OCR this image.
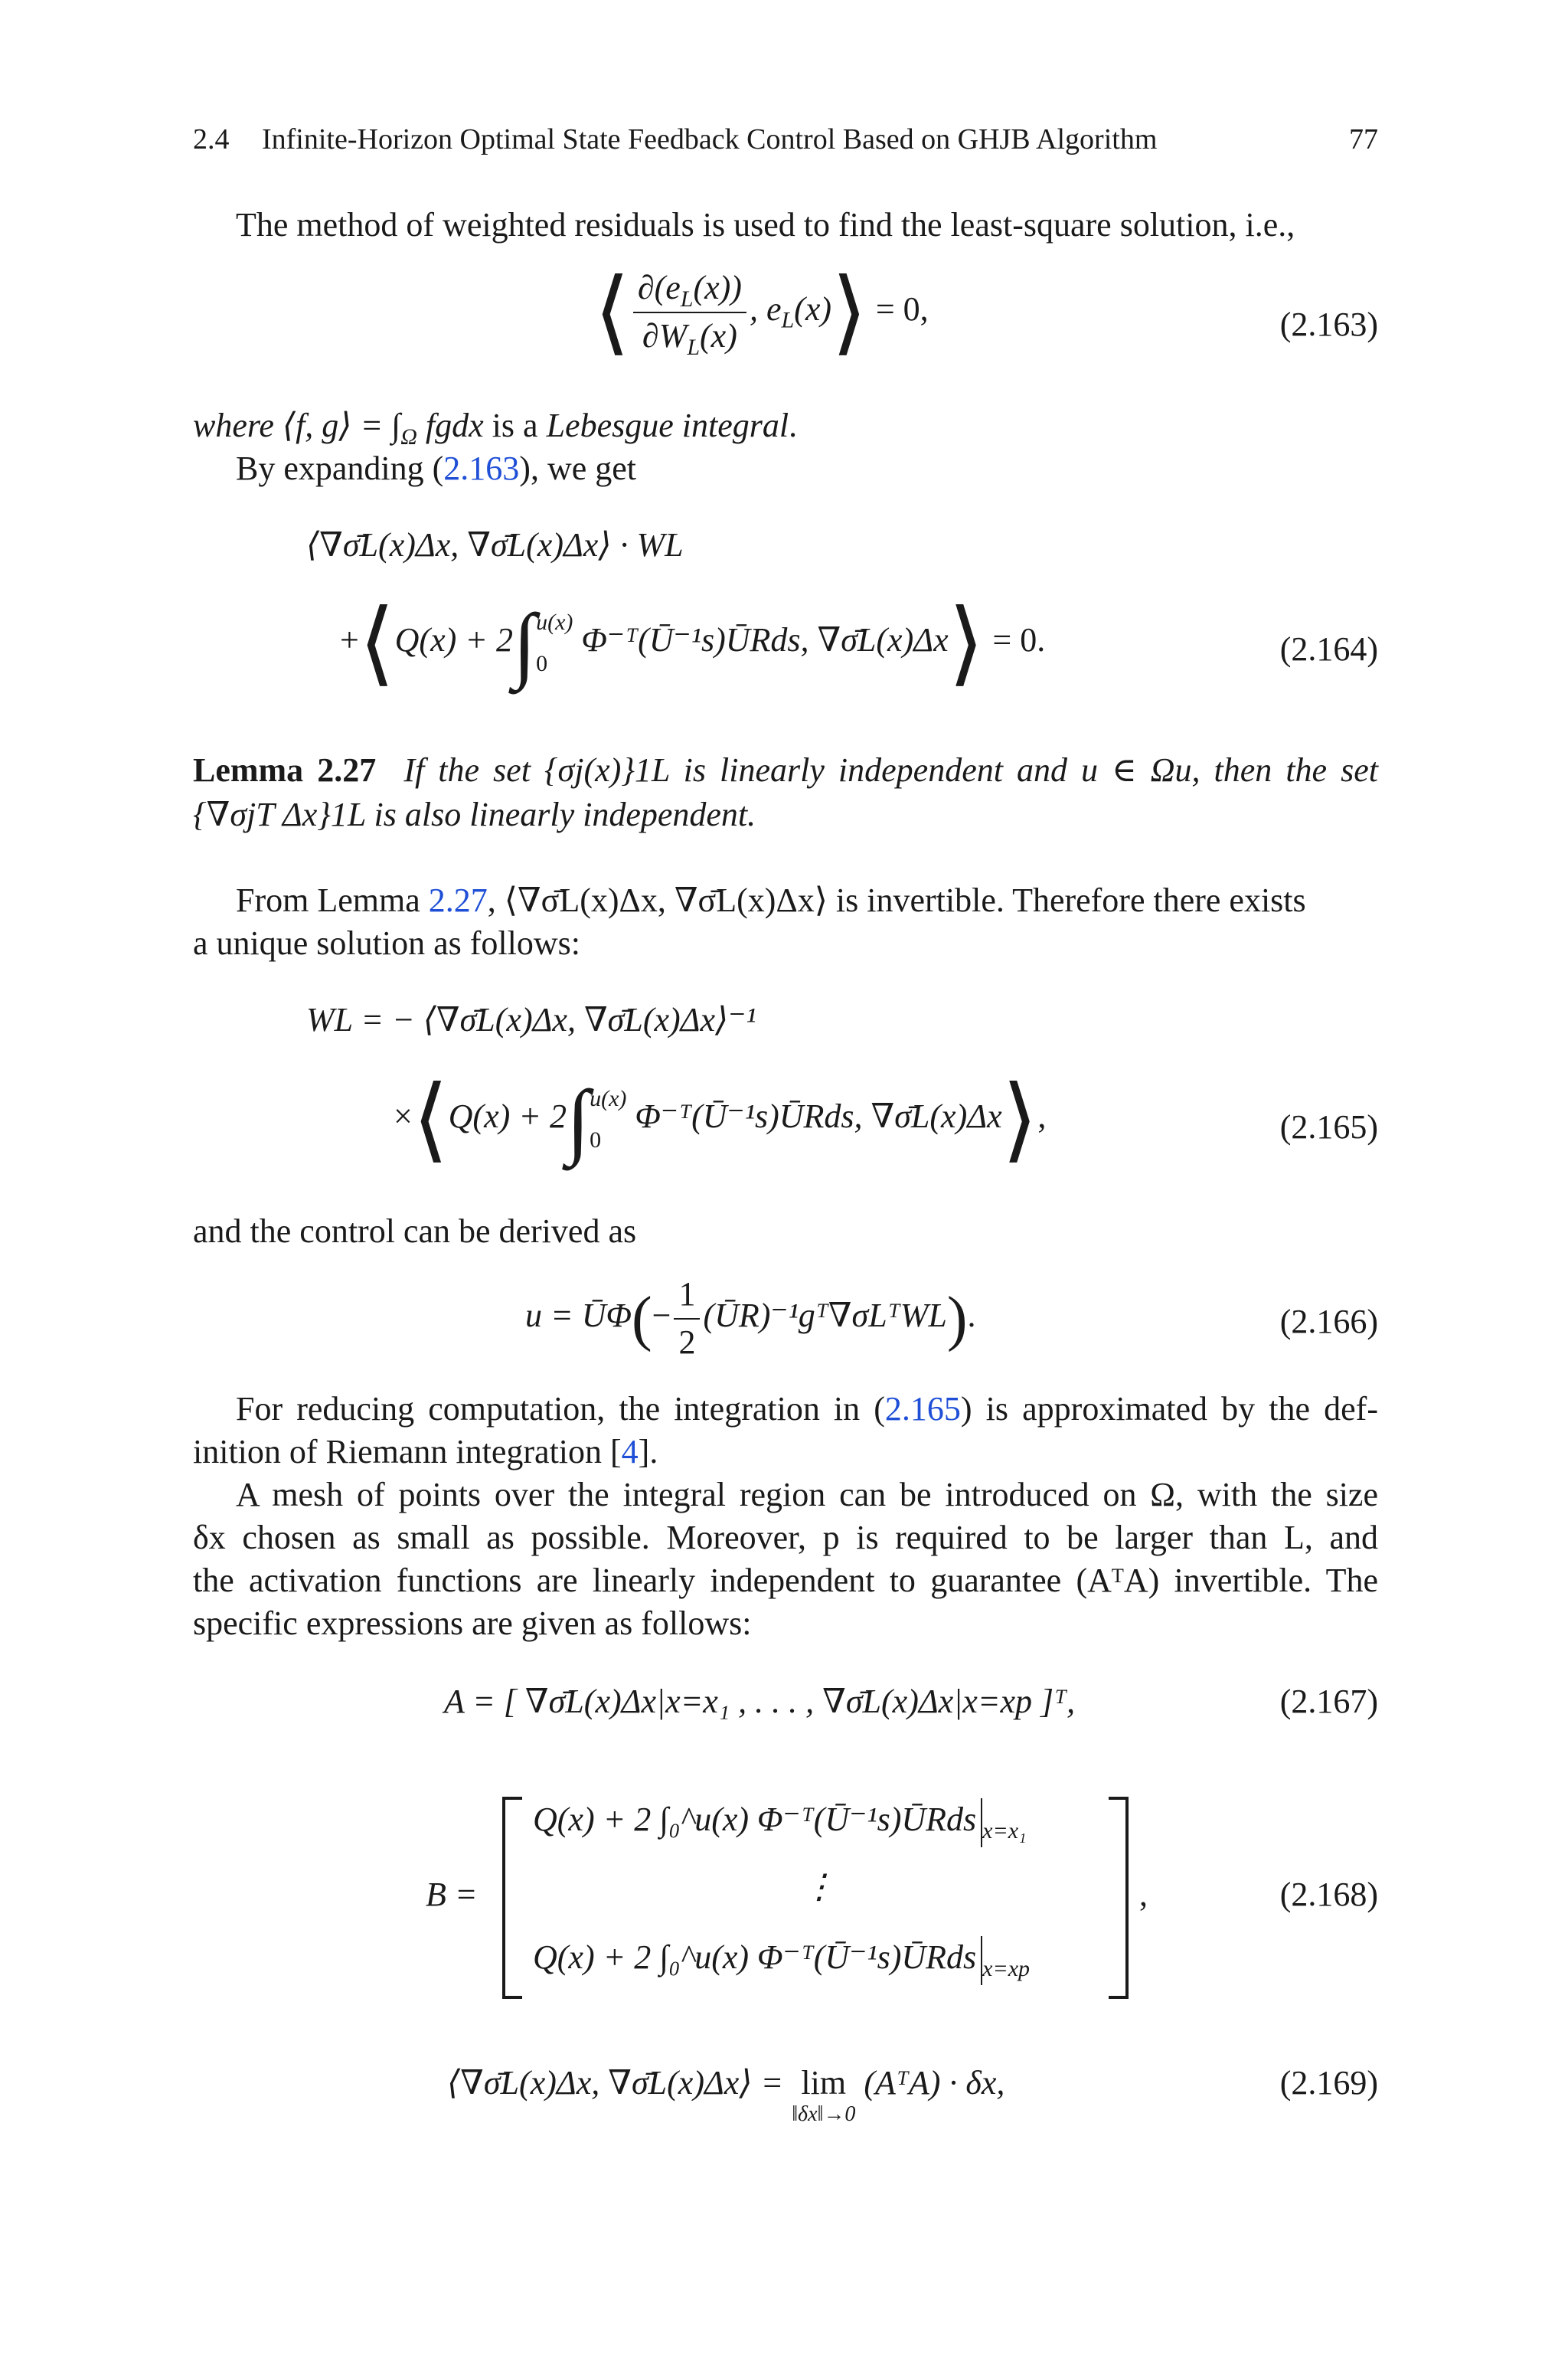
2.4 Infinite-Horizon Optimal State Feedback Control Based on GHJB Algorithm	77
The method of weighted residuals is used to find the least-square solution, i.e.,
⟨ $\frac{\partial(e_L(x))}{\partial W_L(x)}$ , $e_L(x)⟩ = 0$,	(2.163)
where ⟨f, g⟩ = $\int_\Omega$ fgdx is a Lebesgue integral.
By expanding (2.163), we get
⟨∇σ̄L(x)Δx, ∇σ̄L(x)Δx⟩ · WL
+⟨Q(x) + 2∫u(x)
0 Φ⁻ᵀ(Ū⁻¹s)ŪRds, ∇σ̄L(x)Δx⟩ = 0.	(2.164)
Lemma 2.27 If the set {σj(x)}1L is linearly independent and u ∈ Ωu, then the set
{∇σjT Δx}1L is also linearly independent.
From Lemma 2.27, ⟨∇σ̄L(x)Δx, ∇σ̄L(x)Δx⟩ is invertible. Therefore there exists
a unique solution as follows:
WL = − ⟨∇σ̄L(x)Δx, ∇σ̄L(x)Δx⟩⁻¹
×⟨Q(x) + 2∫u(x)
0 Φ⁻ᵀ(Ū⁻¹s)ŪRds, ∇σ̄L(x)Δx⟩,	(2.165)
and the control can be derived as
u = ŪΦ(− $\frac{1}{2}$ (ŪR)⁻¹gᵀ∇σLᵀWL).	(2.166)
For reducing computation, the integration in (2.165) is approximated by the def-
inition of Riemann integration [4].
A mesh of points over the integral region can be introduced on Ω, with the size
δx chosen as small as possible. Moreover, p is required to be larger than L, and
the activation functions are linearly independent to guarantee (AᵀA) invertible. The
specific expressions are given as follows:
A = [ ∇σ̄L(x)Δx|x=x₁ , . . . , ∇σ̄L(x)Δx|x=xp ]ᵀ,	(2.167)
B =
Q(x) + 2 ∫₀^u(x) Φ⁻ᵀ(Ū⁻¹s)ŪRds $_{x=x_1}$
⋮
Q(x) + 2 ∫₀^u(x) Φ⁻ᵀ(Ū⁻¹s)ŪRds $_{x=xp}$
,	(2.168)
⟨∇σ̄L(x)Δx, ∇σ̄L(x)Δx⟩ = lim
‖δx‖→0
(AᵀA) · δx,	(2.169)
